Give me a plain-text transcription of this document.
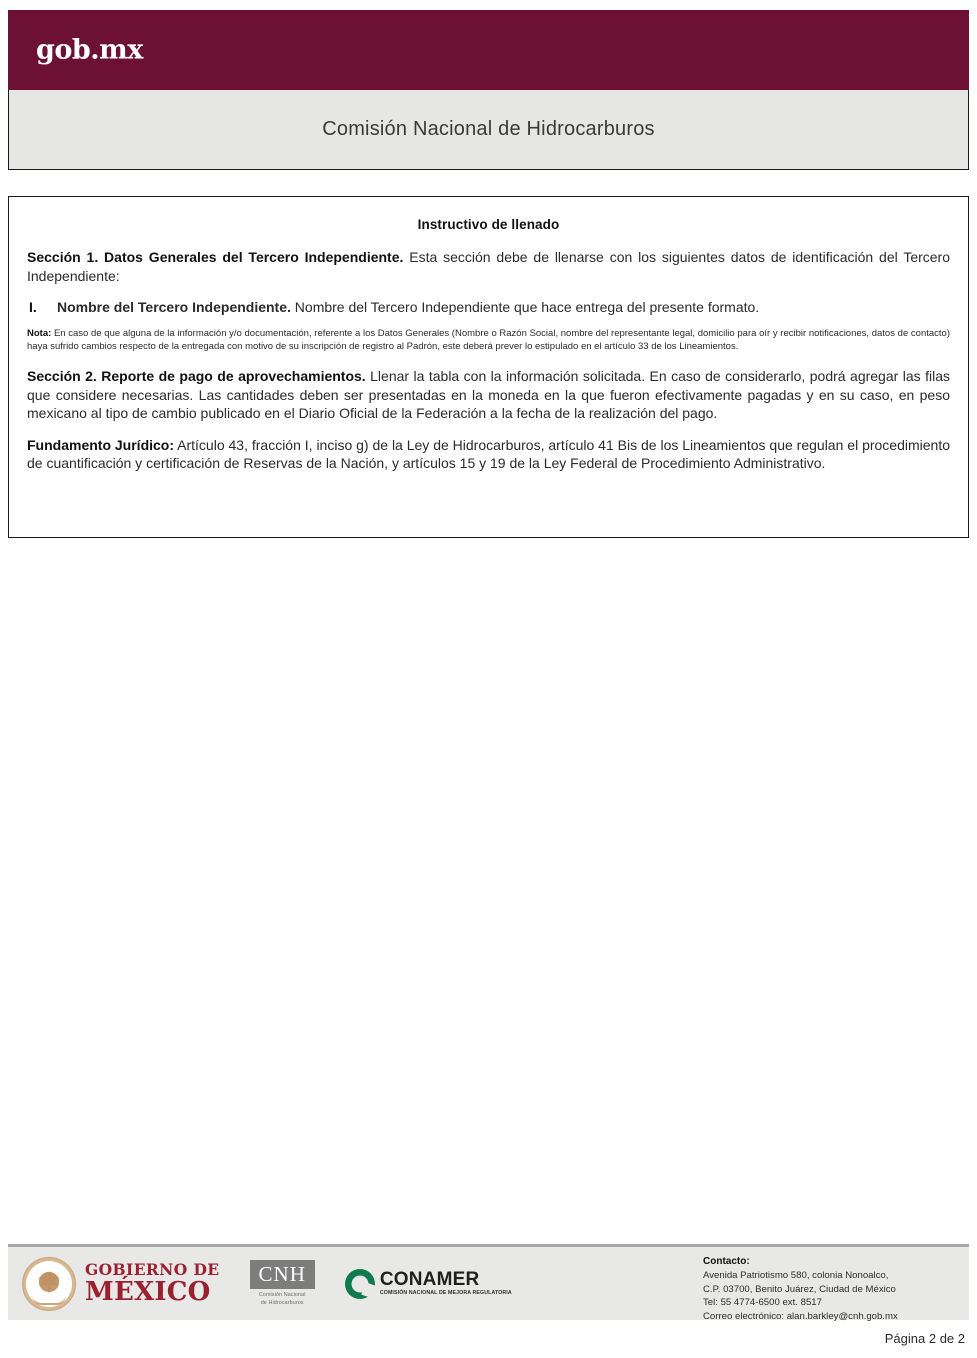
gob.mx
Comisión Nacional de Hidrocarburos
Instructivo de llenado

Sección 1. Datos Generales del Tercero Independiente. Esta sección debe de llenarse con los siguientes datos de identificación del Tercero Independiente:

I.	Nombre del Tercero Independiente. Nombre del Tercero Independiente que hace entrega del presente formato.

Nota: En caso de que alguna de la información y/o documentación, referente a los Datos Generales (Nombre o Razón Social, nombre del representante legal, domicilio para oír y recibir notificaciones, datos de contacto) haya sufrido cambios respecto de la entregada con motivo de su inscripción de registro al Padrón, este deberá prever lo estipulado en el artículo 33 de los Lineamientos.

Sección 2. Reporte de pago de aprovechamientos. Llenar la tabla con la información solicitada. En caso de considerarlo, podrá agregar las filas que considere necesarias. Las cantidades deben ser presentadas en la moneda en la que fueron efectivamente pagadas y en su caso, en peso mexicano al tipo de cambio publicado en el Diario Oficial de la Federación a la fecha de la realización del pago.

Fundamento Jurídico: Artículo 43, fracción I, inciso g) de la Ley de Hidrocarburos, artículo 41 Bis de los Lineamientos que regulan el procedimiento de cuantificación y certificación de Reservas de la Nación, y artículos 15 y 19 de la Ley Federal de Procedimiento Administrativo.

GOBIERNO DE
MÉXICO
CNH
Comisión Nacional
de Hidrocarburos
CONAMER
COMISIÓN NACIONAL DE MEJORA REGULATORIA
Contacto:
Avenida Patriotismo 580, colonia Nonoalco,
C.P. 03700, Benito Juárez, Ciudad de México
Tel: 55 4774-6500 ext. 8517
Correo electrónico: alan.barkley@cnh.gob.mx
Página 2 de 2
